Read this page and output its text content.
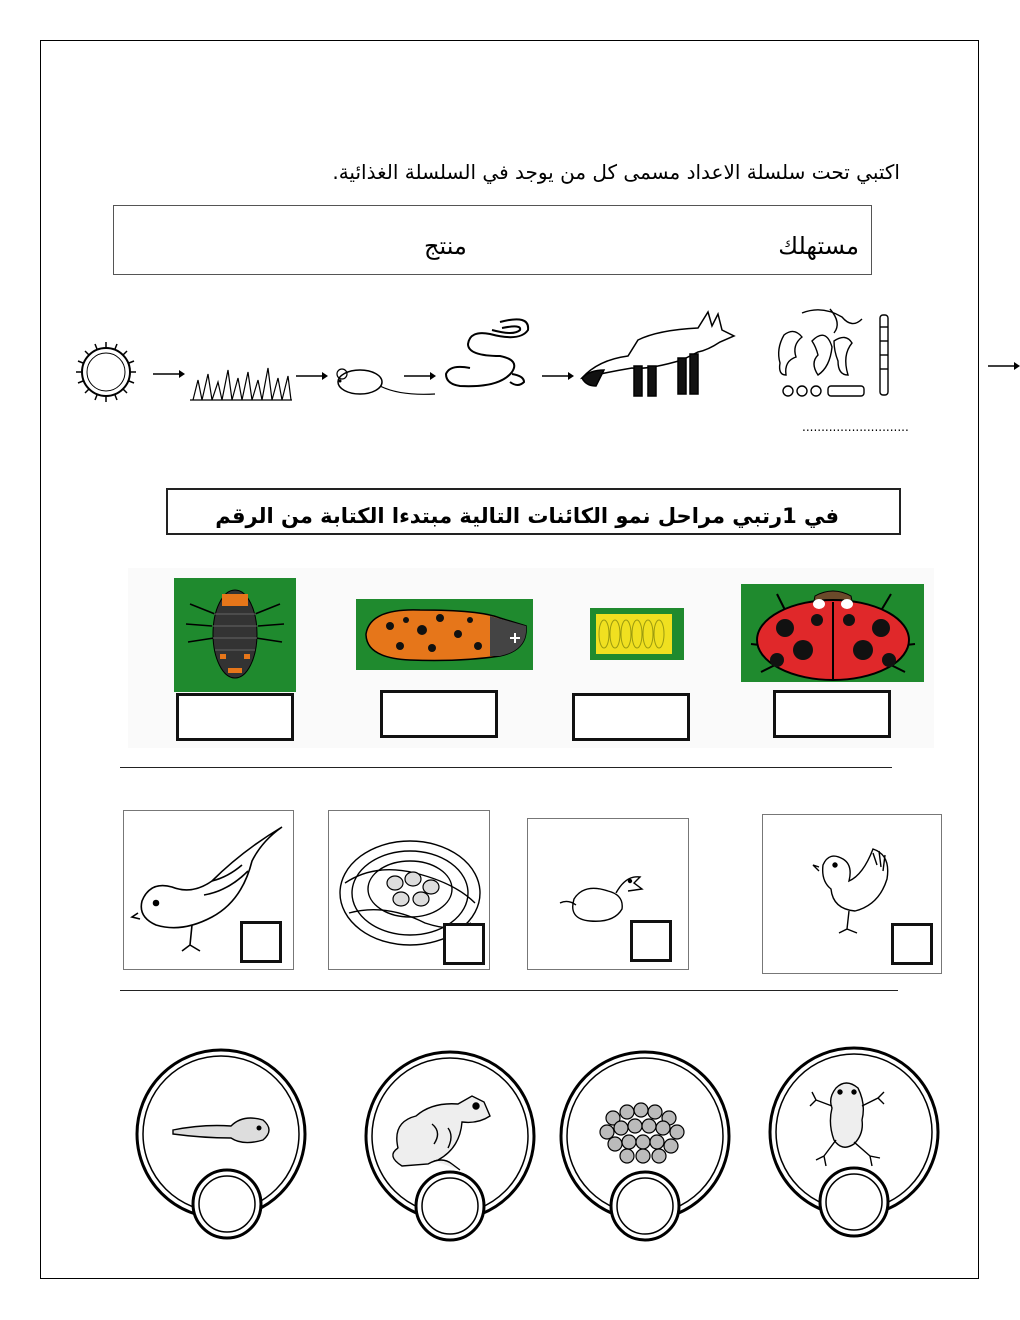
اكتبي تحت سلسلة الاعداد مسمى كل من يوجد في السلسلة الغذائية.
مستهلك
منتج
............................
في 1رتبي مراحل نمو الكائنات التالية مبتدءا الكتابة من الرقم
